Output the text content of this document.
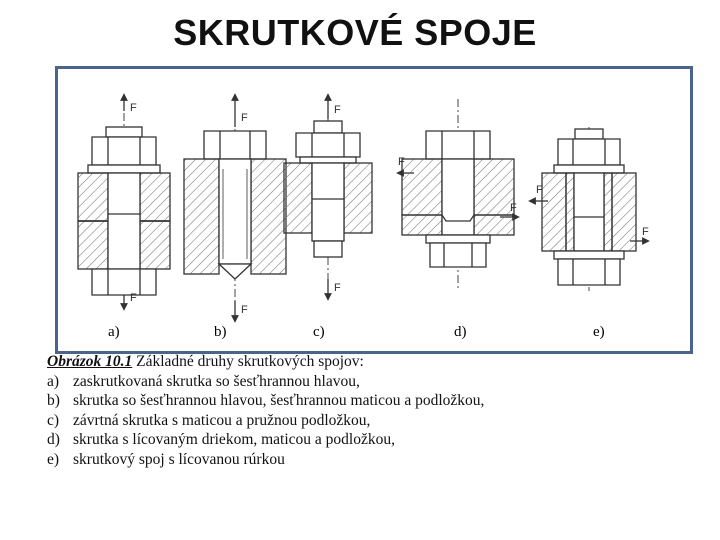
SKRUTKOVÉ SPOJE
F
F
F
F
F
F
F
F
F
F
a)	b)	c)	d)	e)
Obrázok 10.1 Základné druhy skrutkových spojov:
a) zaskrutkovaná skrutka so šesťhrannou hlavou,
b) skrutka so šesťhrannou hlavou, šesťhrannou maticou a podložkou,
c) závrtná skrutka s maticou a pružnou podložkou,
d) skrutka s lícovaným driekom, maticou a podložkou,
e) skrutkový spoj s lícovanou rúrkou
